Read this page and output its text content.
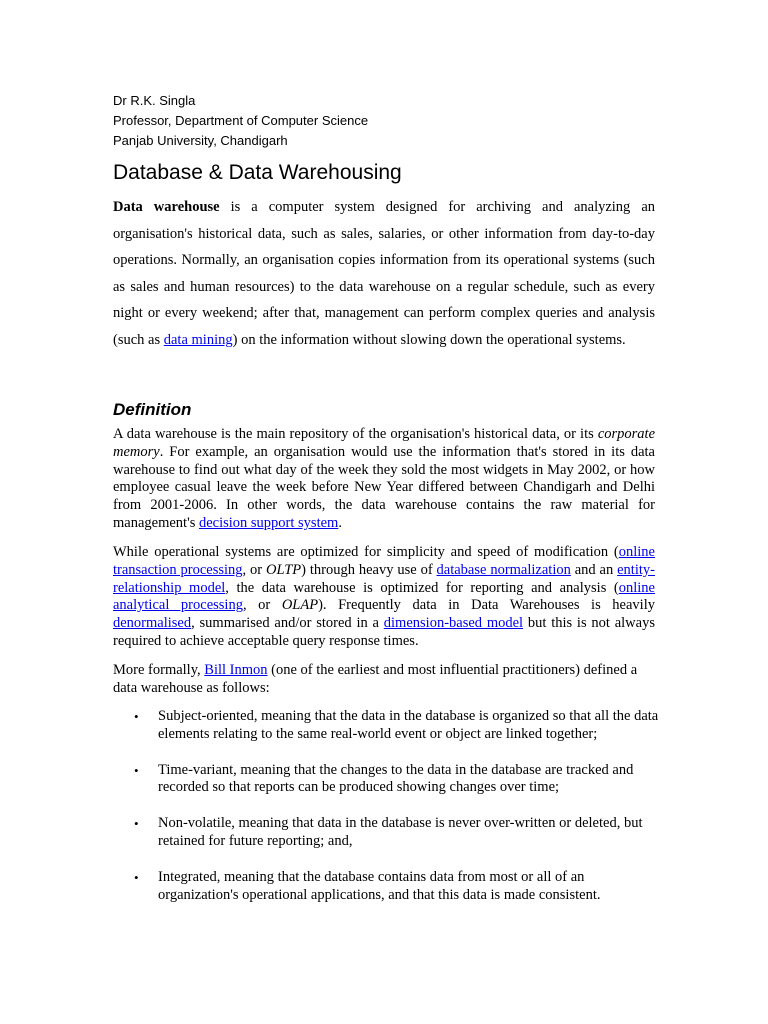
Dr R.K. Singla
Professor, Department of Computer Science
Panjab University, Chandigarh
Database & Data Warehousing

Data warehouse is a computer system designed for archiving and analyzing an organisation's historical data, such as sales, salaries, or other information from day-to-day operations. Normally, an organisation copies information from its operational systems (such as sales and human resources) to the data warehouse on a regular schedule, such as every night or every weekend; after that, management can perform complex queries and analysis (such as data mining) on the information without slowing down the operational systems.

Definition

A data warehouse is the main repository of the organisation's historical data, or its corporate memory. For example, an organisation would use the information that's stored in its data warehouse to find out what day of the week they sold the most widgets in May 2002, or how employee casual leave the week before New Year differed between Chandigarh and Delhi from 2001-2006. In other words, the data warehouse contains the raw material for management's decision support system.

While operational systems are optimized for simplicity and speed of modification (online transaction processing, or OLTP) through heavy use of database normalization and an entity-relationship model, the data warehouse is optimized for reporting and analysis (online analytical processing, or OLAP). Frequently data in Data Warehouses is heavily denormalised, summarised and/or stored in a dimension-based model but this is not always required to achieve acceptable query response times.

More formally, Bill Inmon (one of the earliest and most influential practitioners) defined a data warehouse as follows:

• Subject-oriented, meaning that the data in the database is organized so that all the data elements relating to the same real-world event or object are linked together;
• Time-variant, meaning that the changes to the data in the database are tracked and recorded so that reports can be produced showing changes over time;
• Non-volatile, meaning that data in the database is never over-written or deleted, but retained for future reporting; and,
• Integrated, meaning that the database contains data from most or all of an organization's operational applications, and that this data is made consistent.
